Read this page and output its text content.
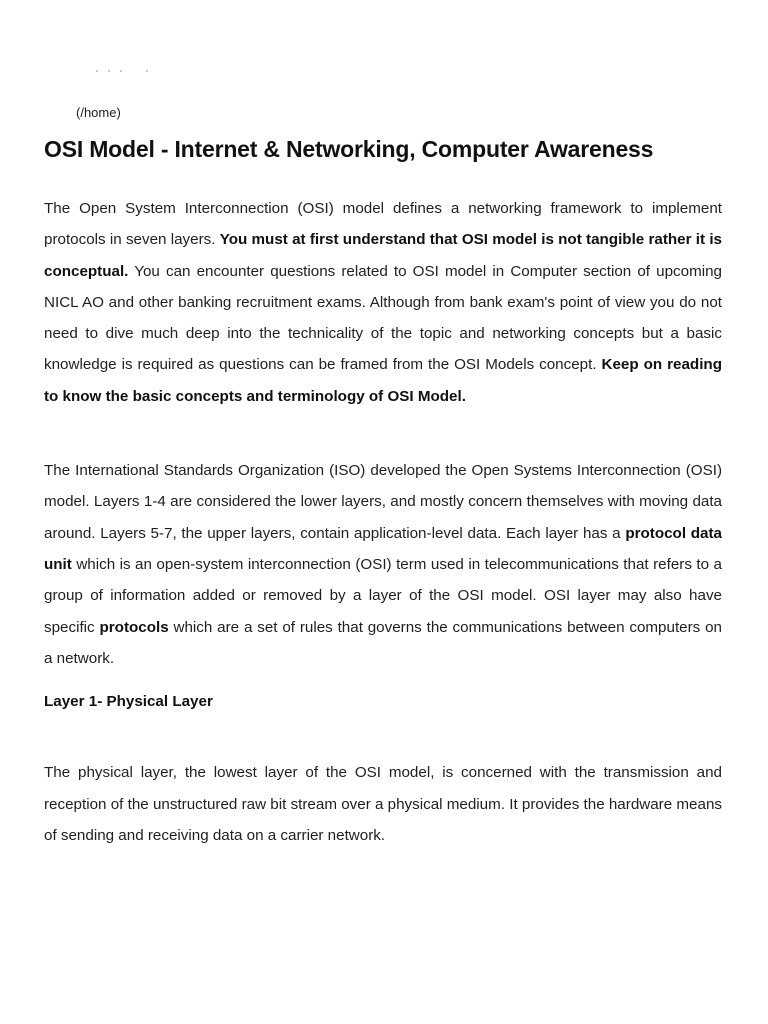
(/home)
OSI Model - Internet & Networking, Computer Awareness

The Open System Interconnection (OSI) model defines a networking framework to implement protocols in seven layers. You must at first understand that OSI model is not tangible rather it is conceptual. You can encounter questions related to OSI model in Computer section of upcoming NICL AO and other banking recruitment exams. Although from bank exam's point of view you do not need to dive much deep into the technicality of the topic and networking concepts but a basic knowledge is required as questions can be framed from the OSI Models concept. Keep on reading to know the basic concepts and terminology of OSI Model.

The International Standards Organization (ISO) developed the Open Systems Interconnection (OSI) model. Layers 1-4 are considered the lower layers, and mostly concern themselves with moving data around. Layers 5-7, the upper layers, contain application-level data. Each layer has a protocol data unit which is an open-system interconnection (OSI) term used in telecommunications that refers to a group of information added or removed by a layer of the OSI model. OSI layer may also have specific protocols which are a set of rules that governs the communications between computers on a network.

Layer 1- Physical Layer

The physical layer, the lowest layer of the OSI model, is concerned with the transmission and reception of the unstructured raw bit stream over a physical medium. It provides the hardware means of sending and receiving data on a carrier network.
